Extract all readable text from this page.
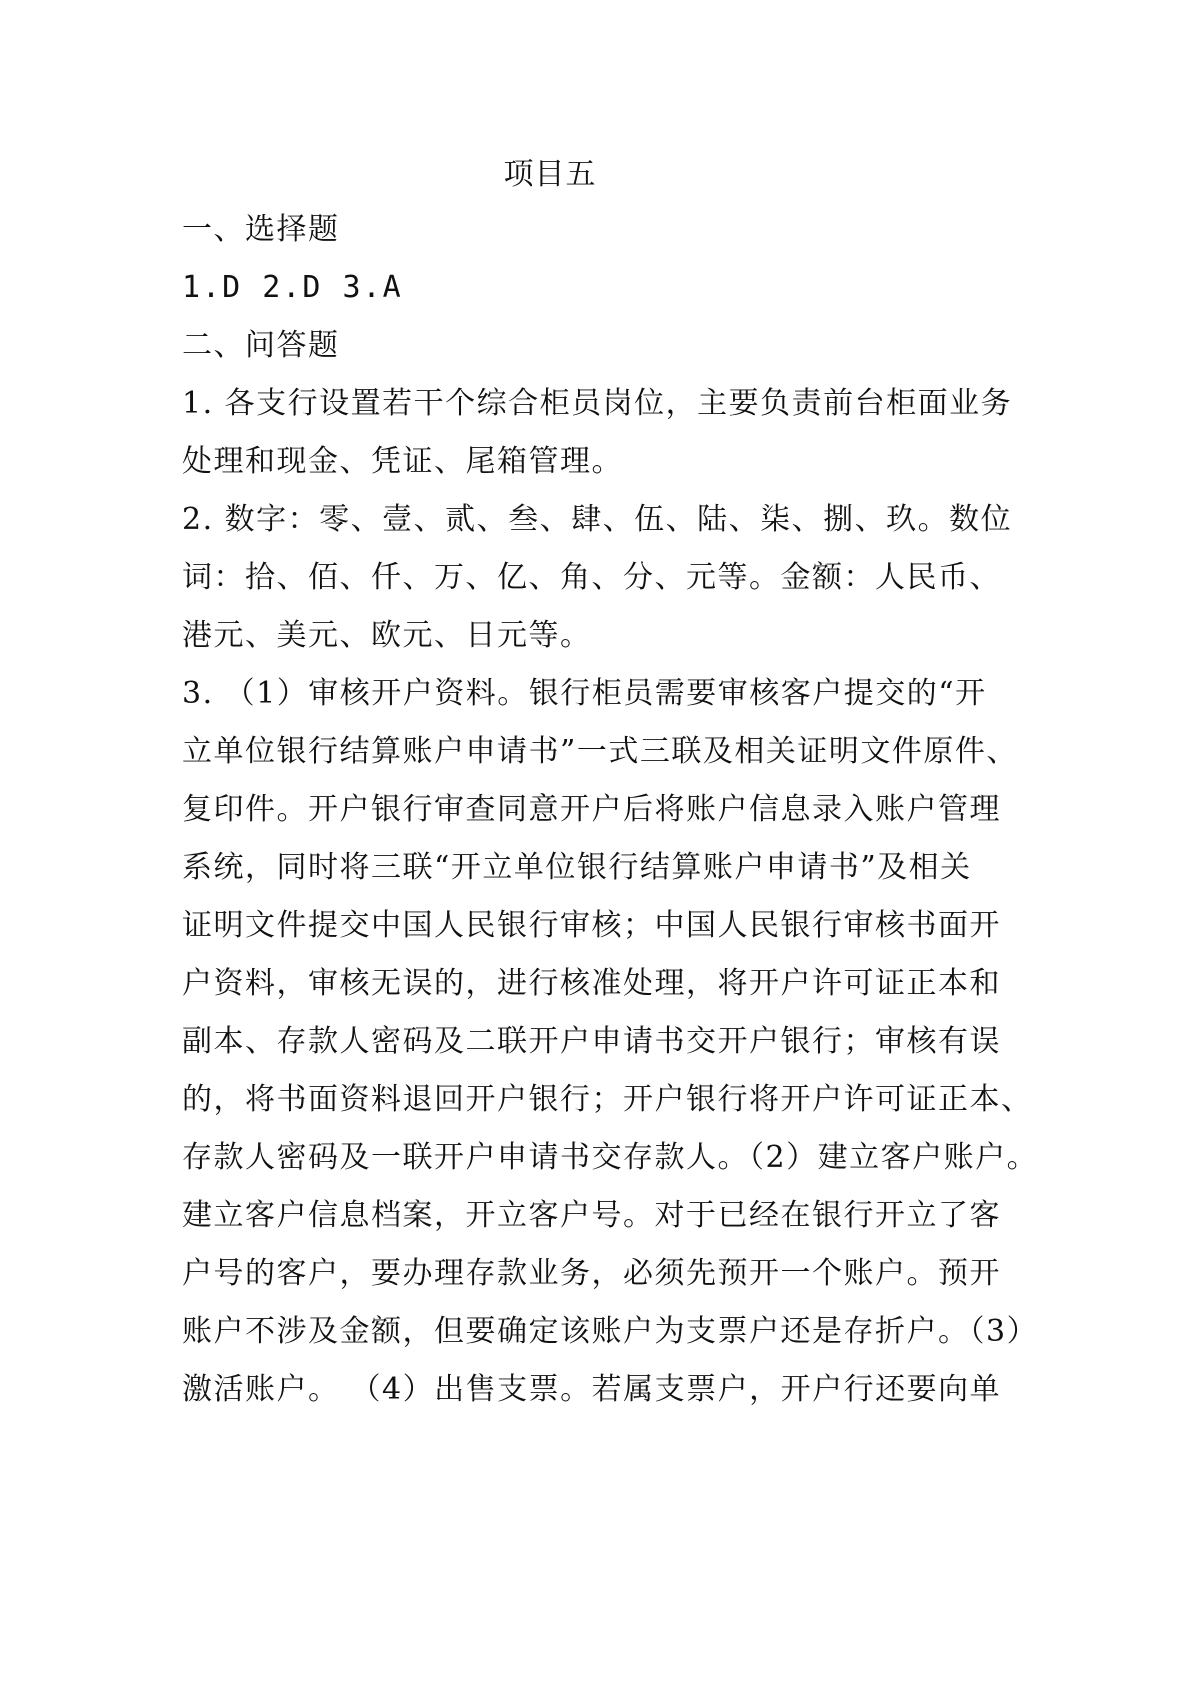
项目五
一、选择题
1.D 2.D 3.A
二、问答题
1. 各支行设置若干个综合柜员岗位，主要负责前台柜面业务
处理和现金、凭证、尾箱管理。
2. 数字：零、壹、贰、叁、肆、伍、陆、柒、捌、玖。数位
词：拾、佰、仟、万、亿、角、分、元等。金额：人民币、
港元、美元、欧元、日元等。
3. （1）审核开户资料。银行柜员需要审核客户提交的“开
立单位银行结算账户申请书”一式三联及相关证明文件原件、
复印件。开户银行审查同意开户后将账户信息录入账户管理
系统，同时将三联“开立单位银行结算账户申请书”及相关
证明文件提交中国人民银行审核；中国人民银行审核书面开
户资料，审核无误的，进行核准处理，将开户许可证正本和
副本、存款人密码及二联开户申请书交开户银行；审核有误
的，将书面资料退回开户银行；开户银行将开户许可证正本、
存款人密码及一联开户申请书交存款人。（2）建立客户账户。
建立客户信息档案，开立客户号。对于已经在银行开立了客
户号的客户，要办理存款业务，必须先预开一个账户。预开
账户不涉及金额，但要确定该账户为支票户还是存折户。（3）
激活账户。 （4）出售支票。若属支票户，开户行还要向单
